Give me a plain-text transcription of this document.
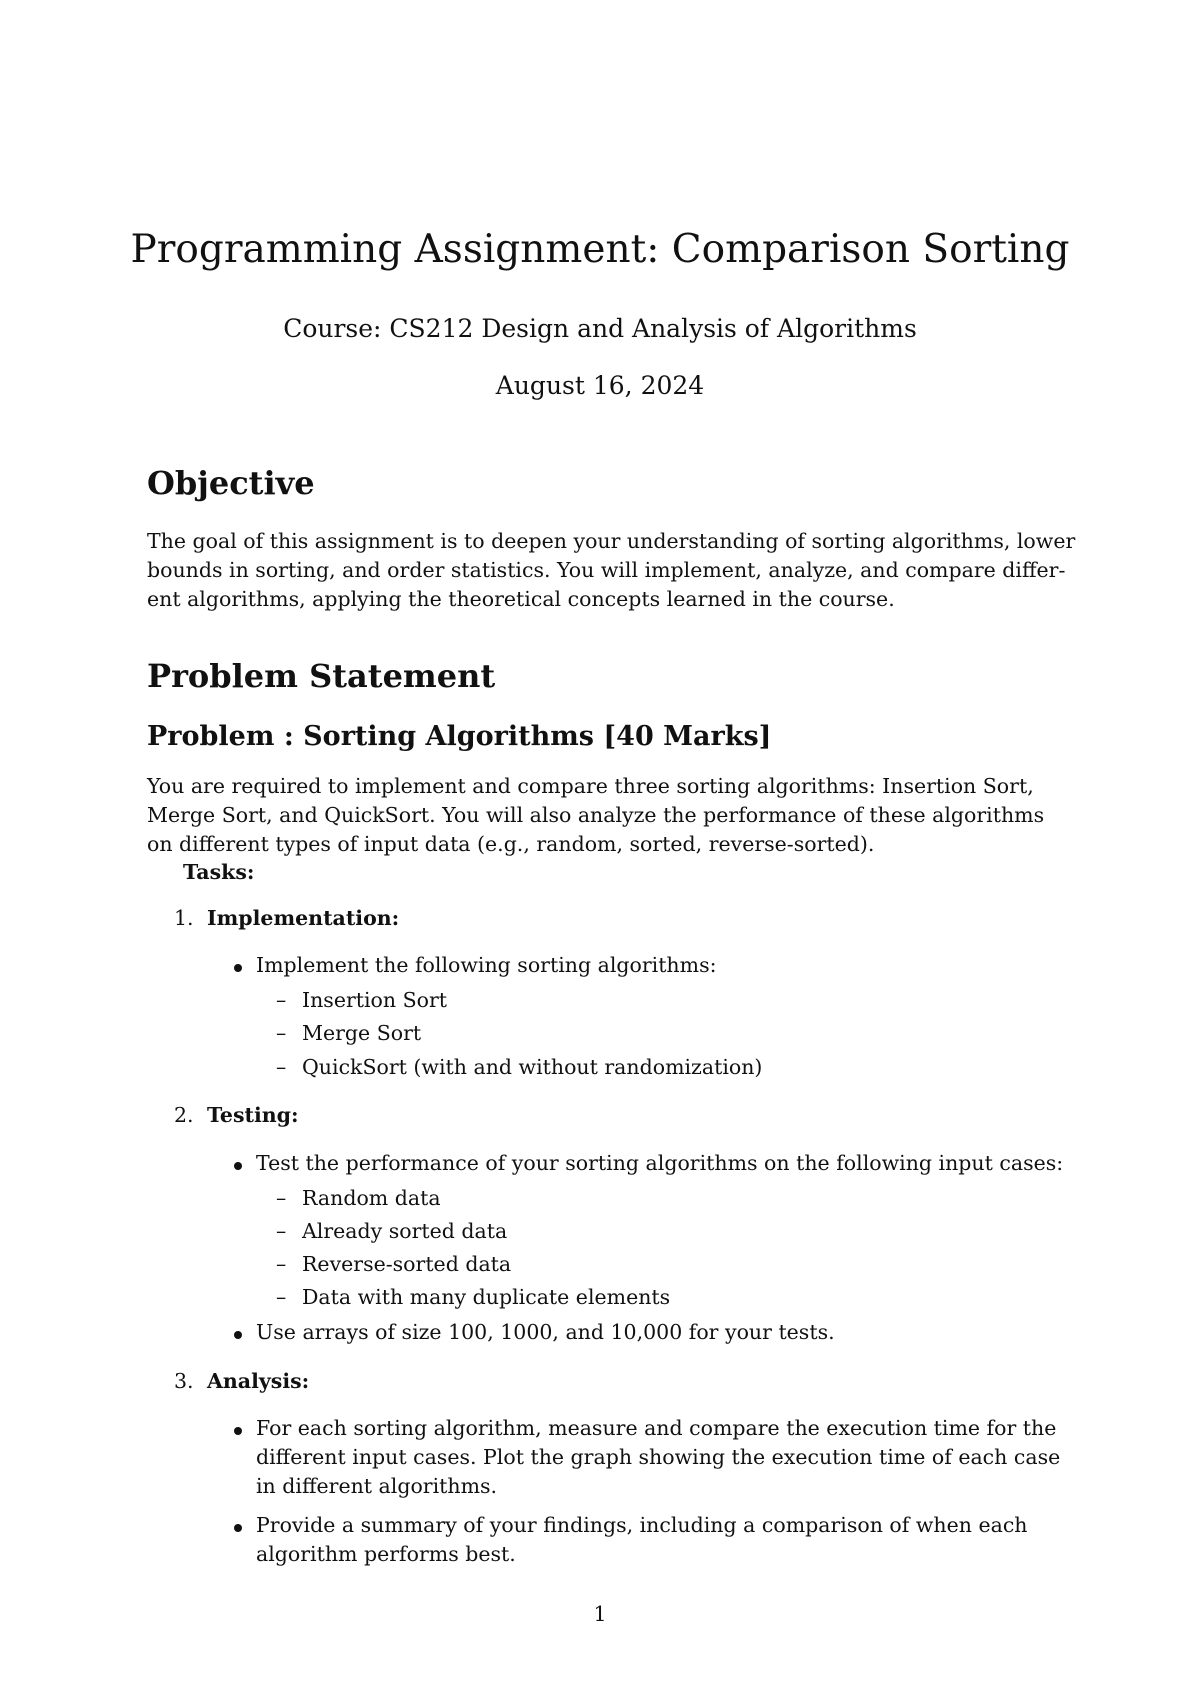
Programming Assignment: Comparison Sorting
Course: CS212 Design and Analysis of Algorithms
August 16, 2024
Objective
The goal of this assignment is to deepen your understanding of sorting algorithms, lower
bounds in sorting, and order statistics. You will implement, analyze, and compare differ-
ent algorithms, applying the theoretical concepts learned in the course.
Problem Statement
Problem : Sorting Algorithms [40 Marks]
You are required to implement and compare three sorting algorithms: Insertion Sort,
Merge Sort, and QuickSort. You will also analyze the performance of these algorithms
on different types of input data (e.g., random, sorted, reverse-sorted).
Tasks:
1. Implementation:
Implement the following sorting algorithms:
– Insertion Sort
– Merge Sort
– QuickSort (with and without randomization)
2. Testing:
Test the performance of your sorting algorithms on the following input cases:
– Random data
– Already sorted data
– Reverse-sorted data
– Data with many duplicate elements
Use arrays of size 100, 1000, and 10,000 for your tests.
3. Analysis:
For each sorting algorithm, measure and compare the execution time for the
different input cases. Plot the graph showing the execution time of each case
in different algorithms.
Provide a summary of your findings, including a comparison of when each
algorithm performs best.
1
